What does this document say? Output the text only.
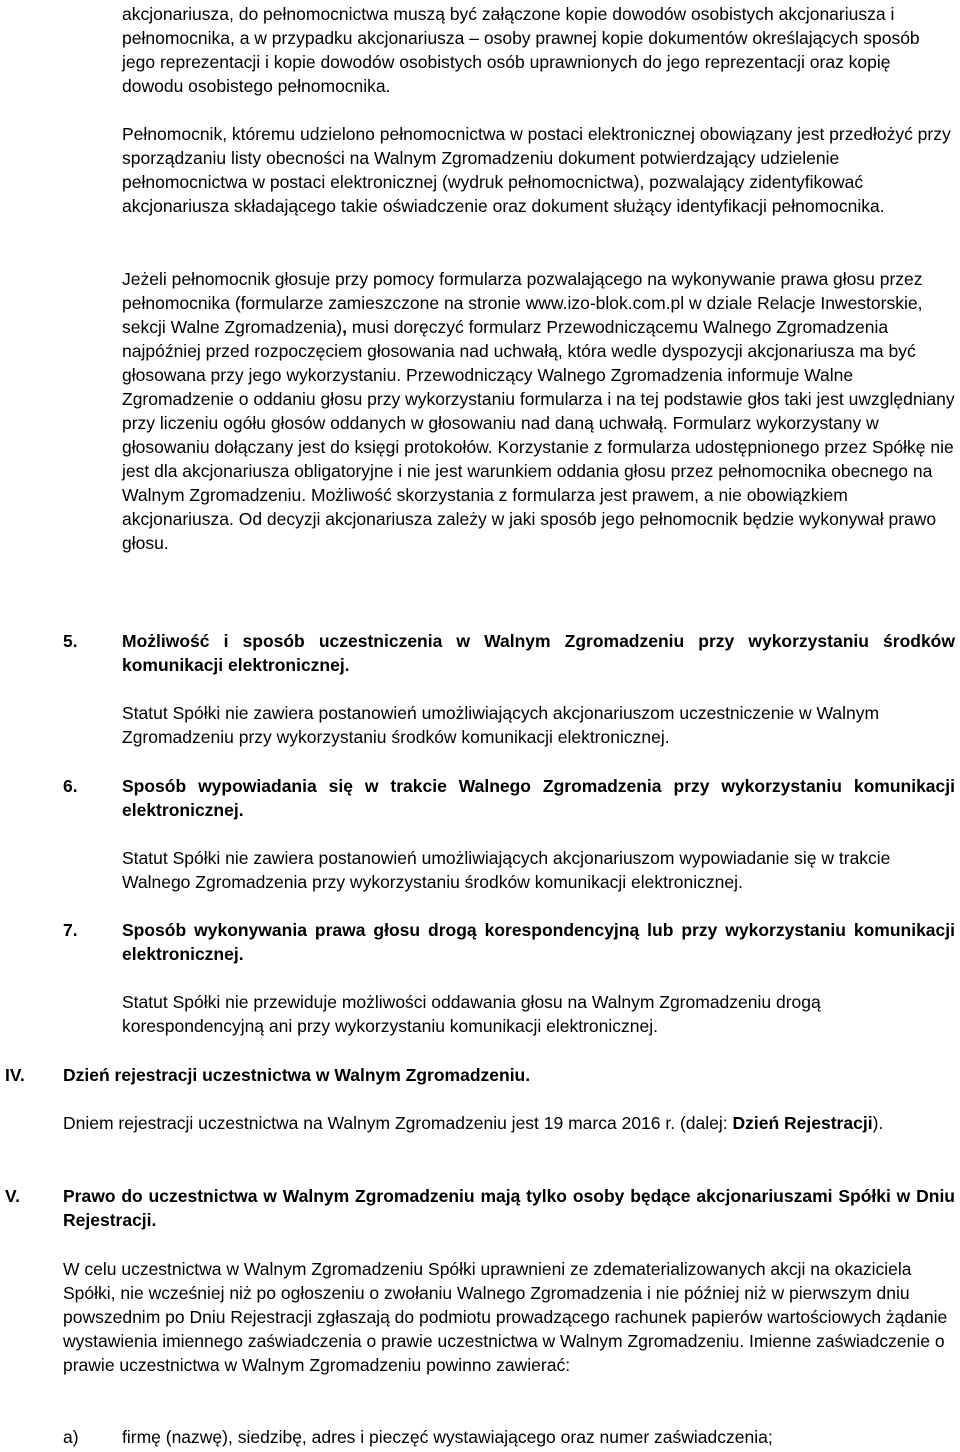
akcjonariusza, do pełnomocnictwa muszą być załączone kopie dowodów osobistych akcjonariusza i pełnomocnika, a w przypadku akcjonariusza – osoby prawnej kopie dokumentów określających sposób jego reprezentacji i kopie dowodów osobistych osób uprawnionych do jego reprezentacji oraz kopię dowodu osobistego pełnomocnika.

Pełnomocnik, któremu udzielono pełnomocnictwa w postaci elektronicznej obowiązany jest przedłożyć przy sporządzaniu listy obecności na Walnym Zgromadzeniu dokument potwierdzający udzielenie pełnomocnictwa w postaci elektronicznej (wydruk pełnomocnictwa), pozwalający zidentyfikować akcjonariusza składającego takie oświadczenie oraz dokument służący identyfikacji pełnomocnika.

Jeżeli pełnomocnik głosuje przy pomocy formularza pozwalającego na wykonywanie prawa głosu przez pełnomocnika (formularze zamieszczone na stronie www.izo-blok.com.pl w dziale Relacje Inwestorskie, sekcji Walne Zgromadzenia), musi doręczyć formularz Przewodniczącemu Walnego Zgromadzenia najpóźniej przed rozpoczęciem głosowania nad uchwałą, która wedle dyspozycji akcjonariusza ma być głosowana przy jego wykorzystaniu. Przewodniczący Walnego Zgromadzenia informuje Walne Zgromadzenie o oddaniu głosu przy wykorzystaniu formularza i na tej podstawie głos taki jest uwzględniany przy liczeniu ogółu głosów oddanych w głosowaniu nad daną uchwałą. Formularz wykorzystany w głosowaniu dołączany jest do księgi protokołów. Korzystanie z formularza udostępnionego przez Spółkę nie jest dla akcjonariusza obligatoryjne i nie jest warunkiem oddania głosu przez pełnomocnika obecnego na Walnym Zgromadzeniu. Możliwość skorzystania z formularza jest prawem, a nie obowiązkiem akcjonariusza. Od decyzji akcjonariusza zależy w jaki sposób jego pełnomocnik będzie wykonywał prawo głosu.

5.	Możliwość i sposób uczestniczenia w Walnym Zgromadzeniu przy wykorzystaniu środków komunikacji elektronicznej.

Statut Spółki nie zawiera postanowień umożliwiających akcjonariuszom uczestniczenie w Walnym Zgromadzeniu przy wykorzystaniu środków komunikacji elektronicznej.

6.	Sposób wypowiadania się w trakcie Walnego Zgromadzenia przy wykorzystaniu komunikacji elektronicznej.

Statut Spółki nie zawiera postanowień umożliwiających akcjonariuszom wypowiadanie się w trakcie Walnego Zgromadzenia przy wykorzystaniu środków komunikacji elektronicznej.

7.	Sposób wykonywania prawa głosu drogą korespondencyjną lub przy wykorzystaniu komunikacji elektronicznej.

Statut Spółki nie przewiduje możliwości oddawania głosu na Walnym Zgromadzeniu drogą korespondencyjną ani przy wykorzystaniu komunikacji elektronicznej.

IV. Dzień rejestracji uczestnictwa w Walnym Zgromadzeniu.

Dniem rejestracji uczestnictwa na Walnym Zgromadzeniu jest 19 marca 2016 r. (dalej: Dzień Rejestracji).

V. Prawo do uczestnictwa w Walnym Zgromadzeniu mają tylko osoby będące akcjonariuszami Spółki w Dniu Rejestracji.

W celu uczestnictwa w Walnym Zgromadzeniu Spółki uprawnieni ze zdematerializowanych akcji na okaziciela Spółki, nie wcześniej niż po ogłoszeniu o zwołaniu Walnego Zgromadzenia i nie później niż w pierwszym dniu powszednim po Dniu Rejestracji zgłaszają do podmiotu prowadzącego rachunek papierów wartościowych żądanie wystawienia imiennego zaświadczenia o prawie uczestnictwa w Walnym Zgromadzeniu. Imienne zaświadczenie o prawie uczestnictwa w Walnym Zgromadzeniu powinno zawierać:

a) firmę (nazwę), siedzibę, adres i pieczęć wystawiającego oraz numer zaświadczenia;
